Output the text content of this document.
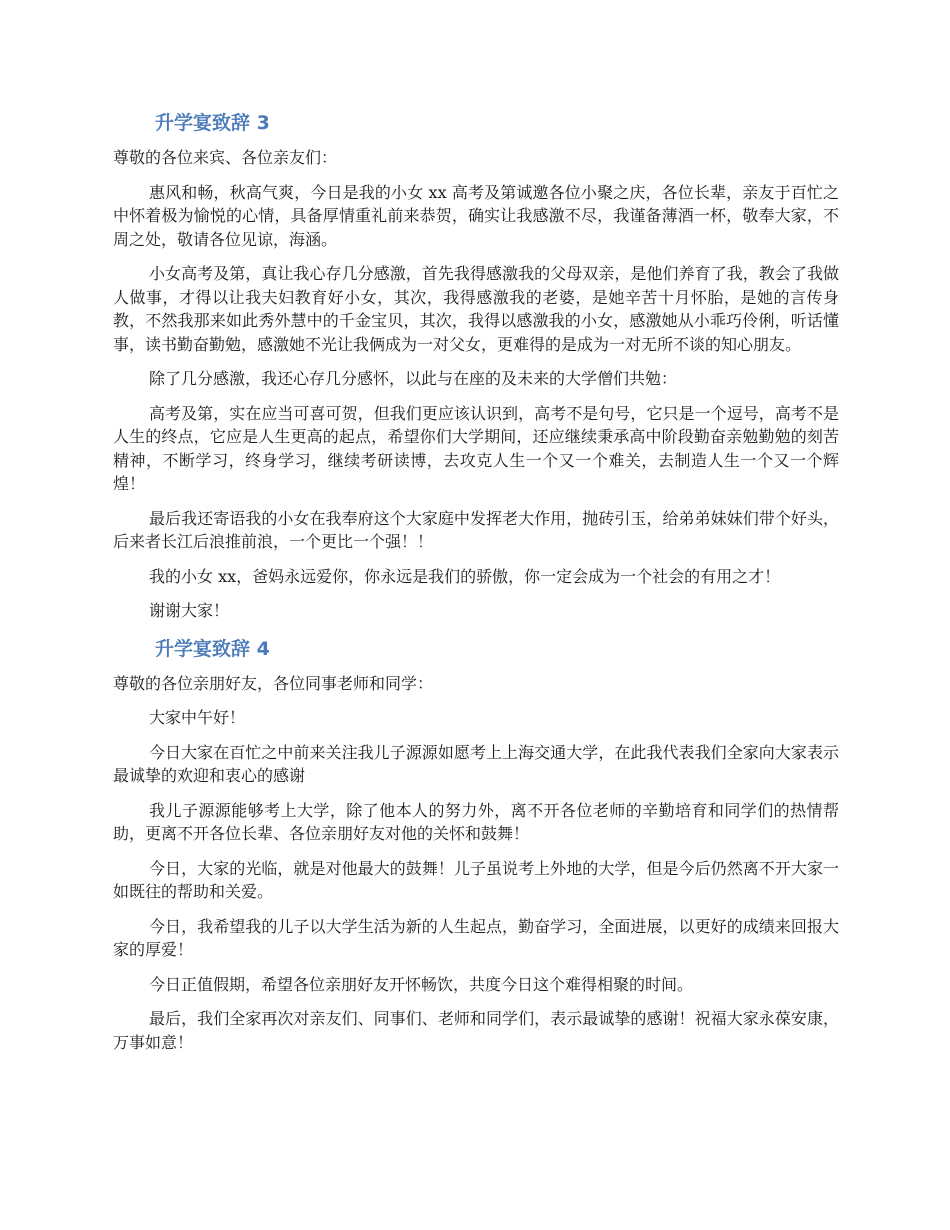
升学宴致辞 3

尊敬的各位来宾、各位亲友们：

惠风和畅，秋高气爽，今日是我的小女 xx 高考及第诚邀各位小聚之庆，各位长辈，亲友于百忙之中怀着极为愉悦的心情，具备厚情重礼前来恭贺，确实让我感激不尽，我谨备薄酒一杯，敬奉大家，不周之处，敬请各位见谅，海涵。

小女高考及第，真让我心存几分感激，首先我得感激我的父母双亲，是他们养育了我，教会了我做人做事，才得以让我夫妇教育好小女，其次，我得感激我的老婆，是她辛苦十月怀胎，是她的言传身教，不然我那来如此秀外慧中的千金宝贝，其次，我得以感激我的小女，感激她从小乖巧伶俐，听话懂事，读书勤奋勤勉，感激她不光让我俩成为一对父女，更难得的是成为一对无所不谈的知心朋友。

除了几分感激，我还心存几分感怀，以此与在座的及未来的大学僧们共勉：

高考及第，实在应当可喜可贺，但我们更应该认识到，高考不是句号，它只是一个逗号，高考不是人生的终点，它应是人生更高的起点，希望你们大学期间，还应继续秉承高中阶段勤奋亲勉勤勉的刻苦精神，不断学习，终身学习，继续考研读博，去攻克人生一个又一个难关，去制造人生一个又一个辉煌！

最后我还寄语我的小女在我奉府这个大家庭中发挥老大作用，抛砖引玉，给弟弟妹妹们带个好头，后来者长江后浪推前浪，一个更比一个强！！

我的小女 xx，爸妈永远爱你，你永远是我们的骄傲，你一定会成为一个社会的有用之才！

谢谢大家！

升学宴致辞 4

尊敬的各位亲朋好友，各位同事老师和同学：

大家中午好！

今日大家在百忙之中前来关注我儿子源源如愿考上上海交通大学，在此我代表我们全家向大家表示最诚挚的欢迎和衷心的感谢

我儿子源源能够考上大学，除了他本人的努力外，离不开各位老师的辛勤培育和同学们的热情帮助，更离不开各位长辈、各位亲朋好友对他的关怀和鼓舞！

今日，大家的光临，就是对他最大的鼓舞！儿子虽说考上外地的大学，但是今后仍然离不开大家一如既往的帮助和关爱。

今日，我希望我的儿子以大学生活为新的人生起点，勤奋学习，全面进展，以更好的成绩来回报大家的厚爱！

今日正值假期，希望各位亲朋好友开怀畅饮，共度今日这个难得相聚的时间。

最后，我们全家再次对亲友们、同事们、老师和同学们，表示最诚挚的感谢！祝福大家永葆安康，万事如意！
